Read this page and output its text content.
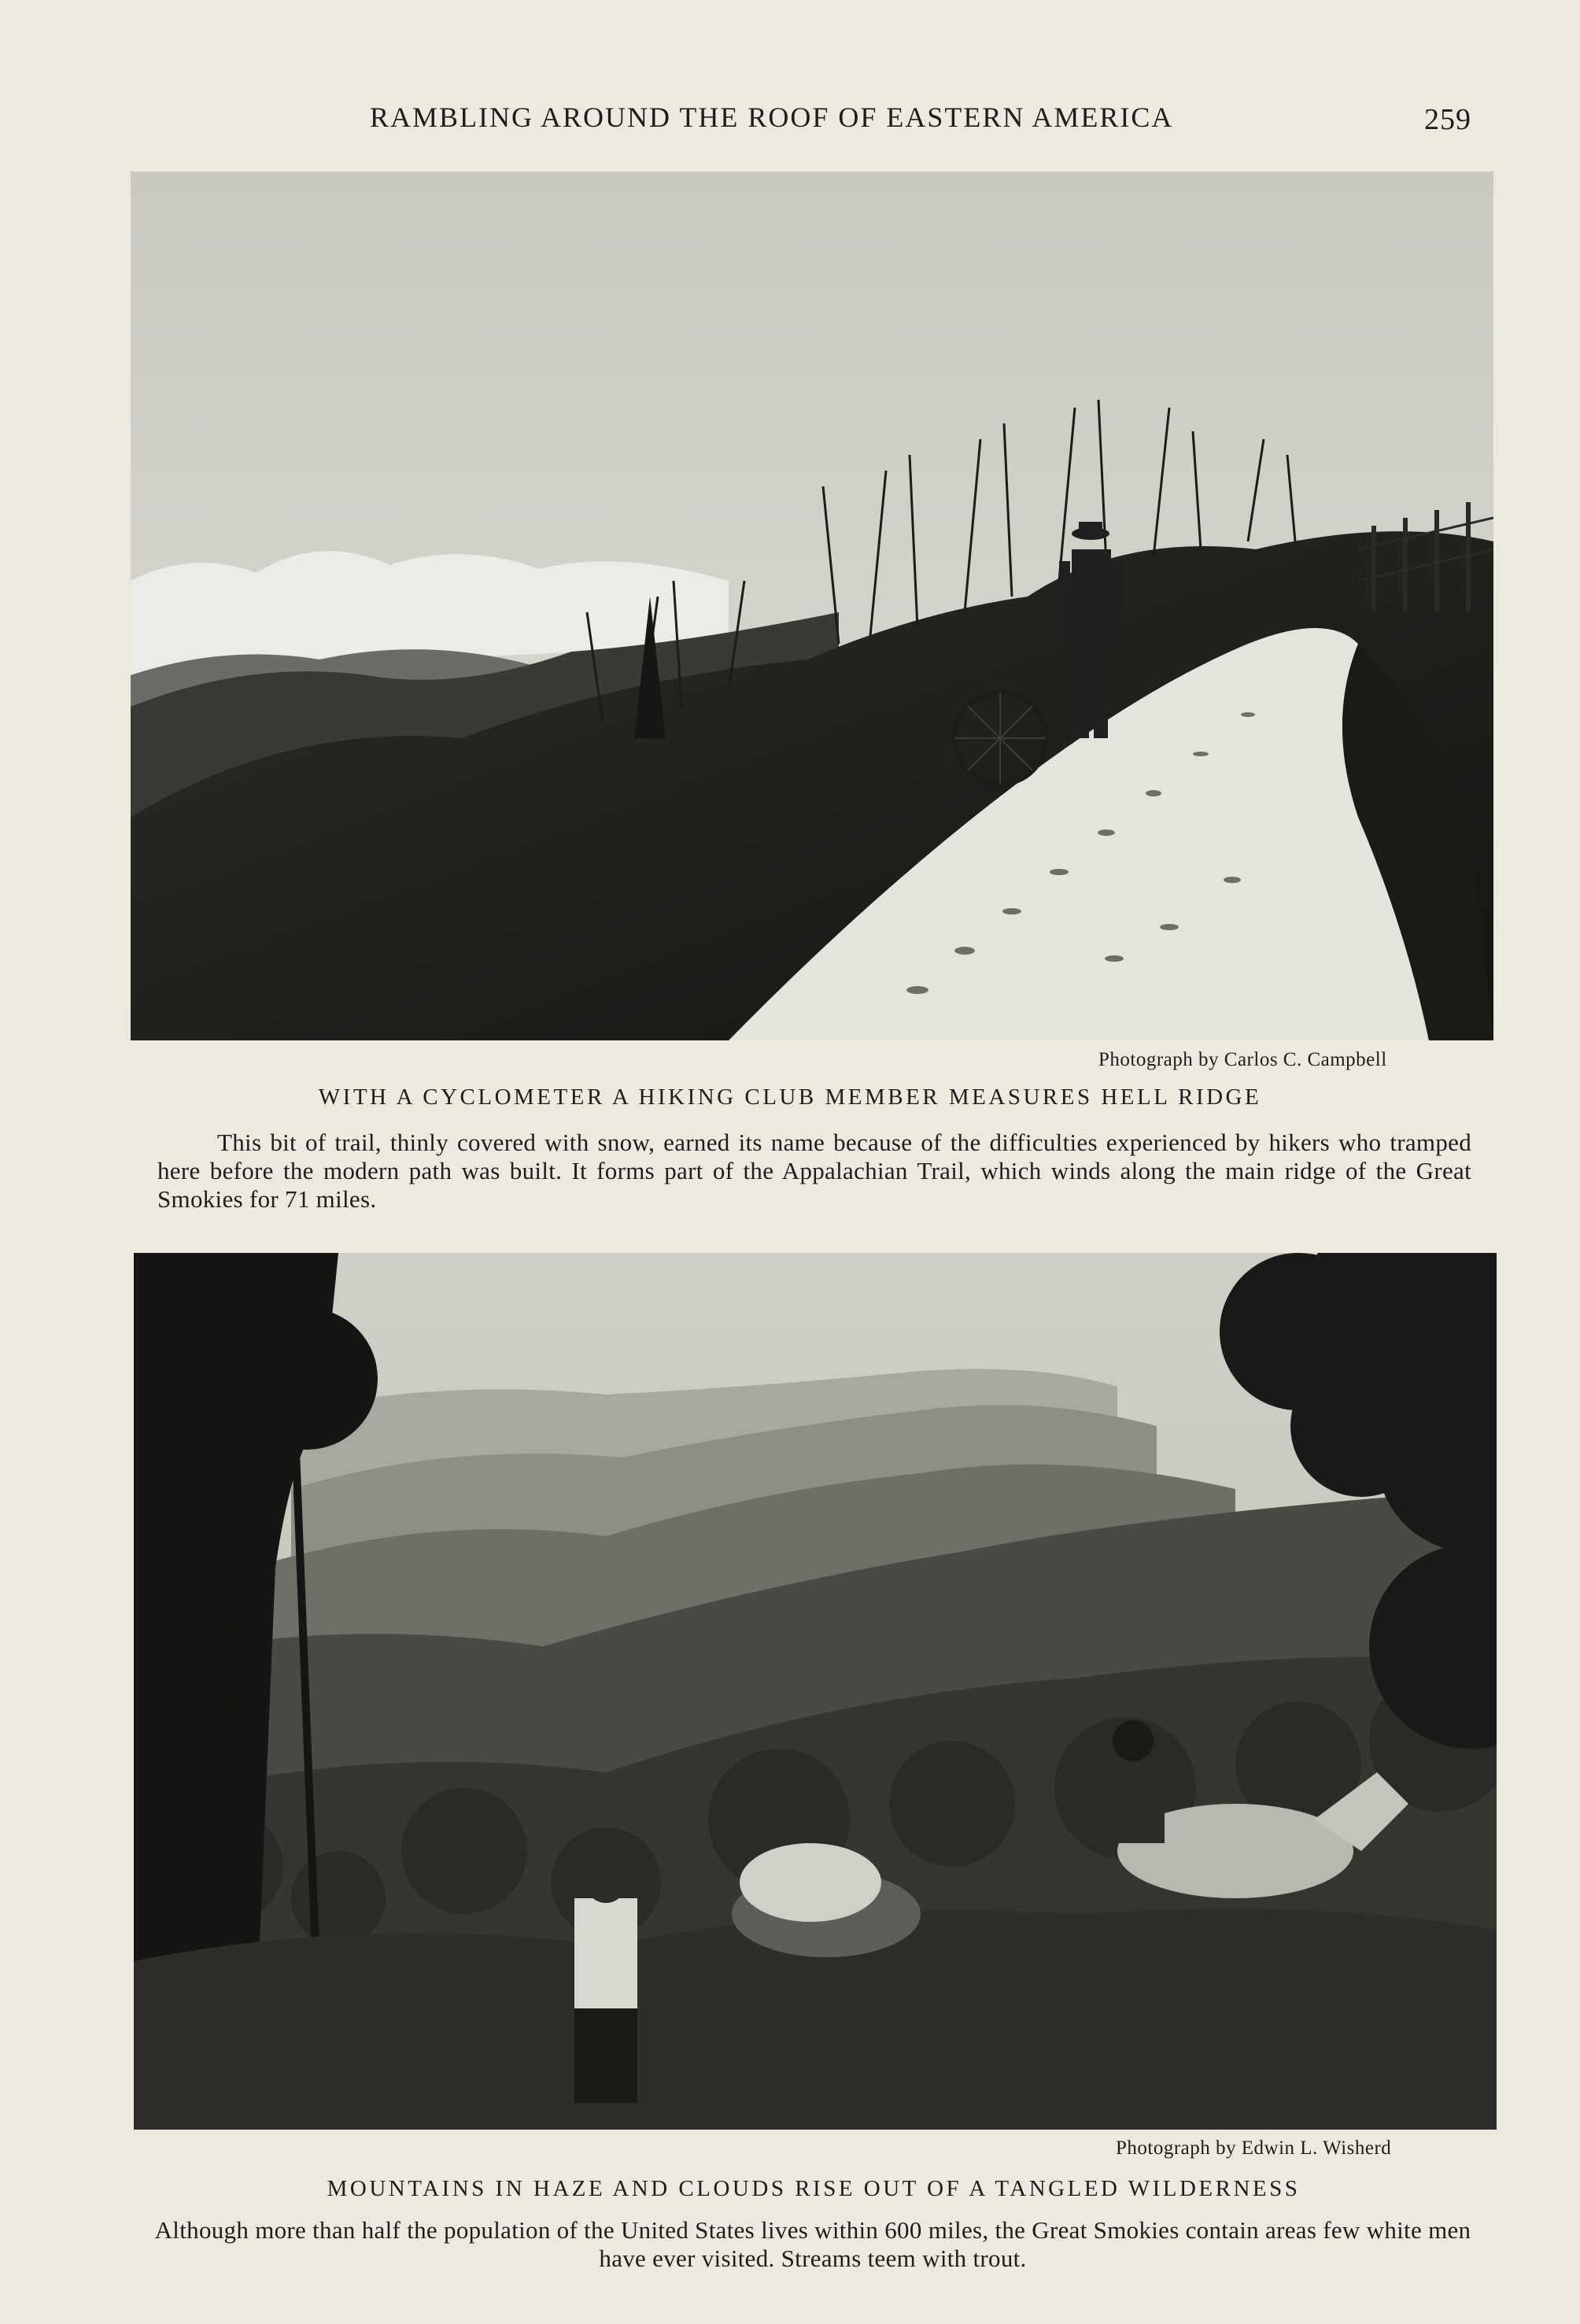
RAMBLING AROUND THE ROOF OF EASTERN AMERICA	259
Photograph by Carlos C. Campbell
WITH A CYCLOMETER A HIKING CLUB MEMBER MEASURES HELL RIDGE
This bit of trail, thinly covered with snow, earned its name because of the difficulties experienced by hikers who tramped here before the modern path was built. It forms part of the Appalachian Trail, which winds along the main ridge of the Great Smokies for 71 miles.
Photograph by Edwin L. Wisherd
MOUNTAINS IN HAZE AND CLOUDS RISE OUT OF A TANGLED WILDERNESS
Although more than half the population of the United States lives within 600 miles, the Great Smokies contain areas few white men have ever visited. Streams teem with trout.
